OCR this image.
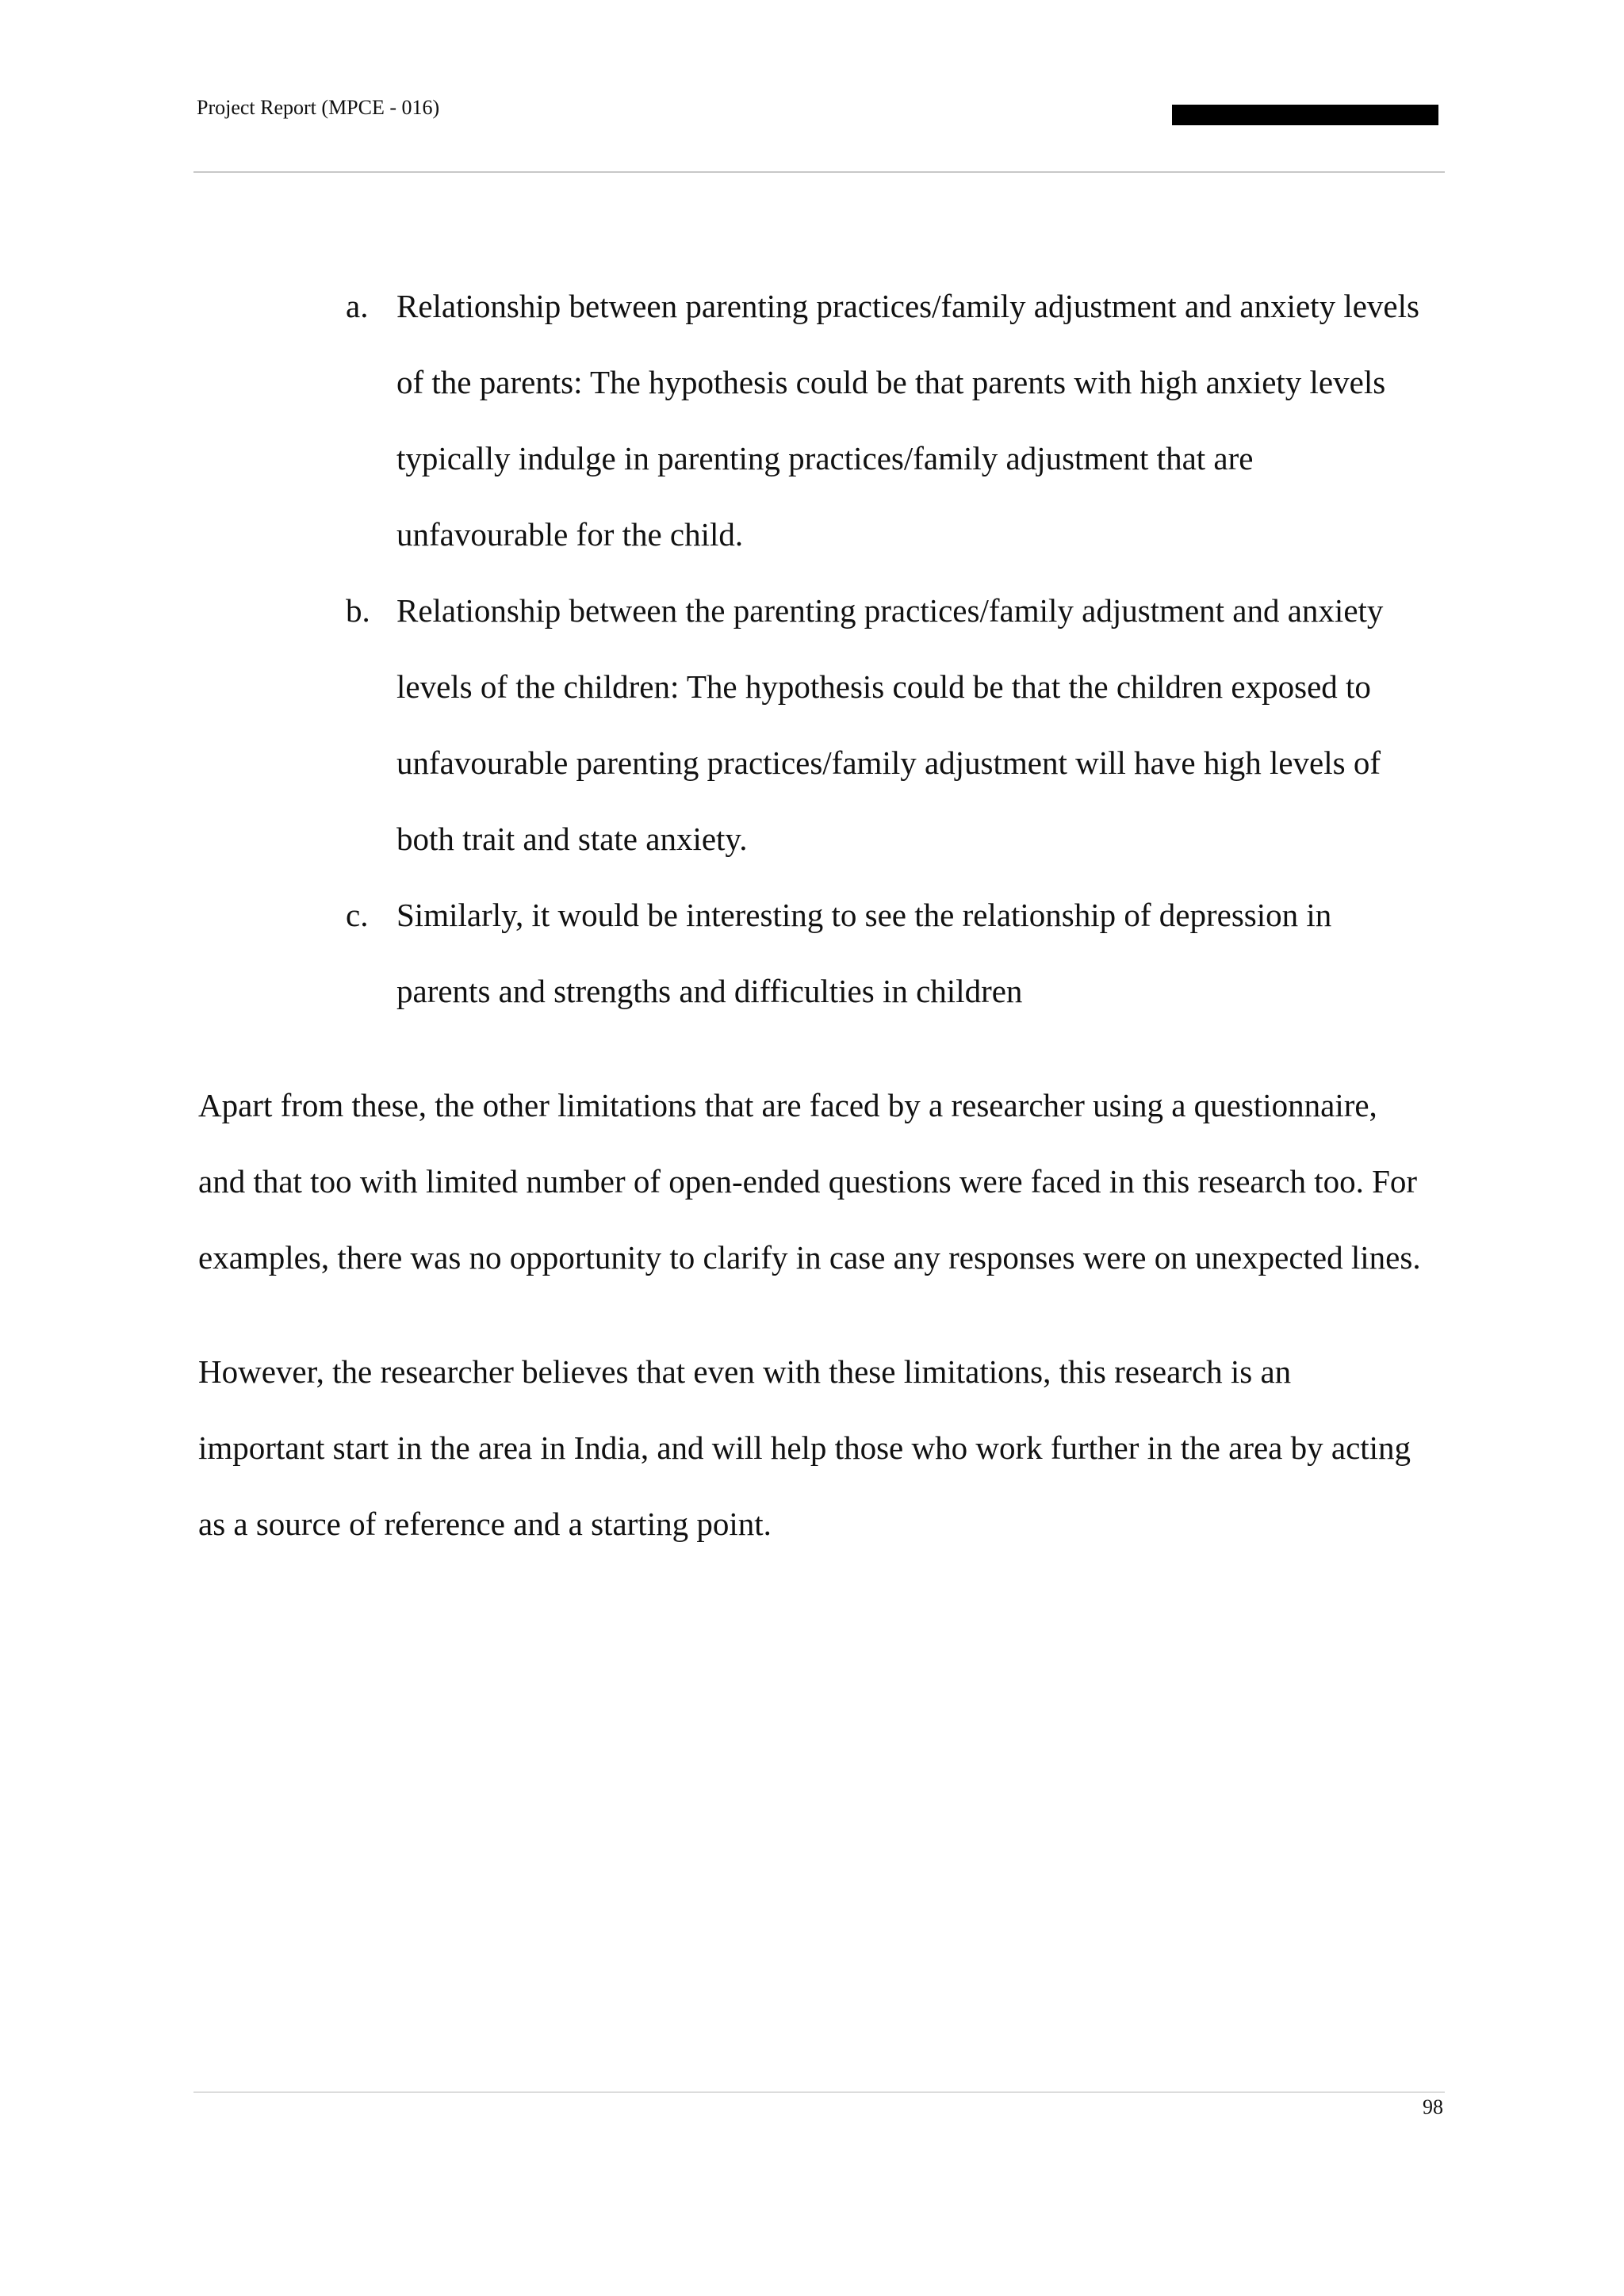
Project Report (MPCE - 016)
a. Relationship between parenting practices/family adjustment and anxiety levels
of the parents: The hypothesis could be that parents with high anxiety levels
typically indulge in parenting practices/family adjustment that are
unfavourable for the child.
b. Relationship between the parenting practices/family adjustment and anxiety
levels of the children: The hypothesis could be that the children exposed to
unfavourable parenting practices/family adjustment will have high levels of
both trait and state anxiety.
c. Similarly, it would be interesting to see the relationship of depression in
parents and strengths and difficulties in children
Apart from these, the other limitations that are faced by a researcher using a questionnaire,
and that too with limited number of open-ended questions were faced in this research too. For
examples, there was no opportunity to clarify in case any responses were on unexpected lines.
However, the researcher believes that even with these limitations, this research is an
important start in the area in India, and will help those who work further in the area by acting
as a source of reference and a starting point.
98
